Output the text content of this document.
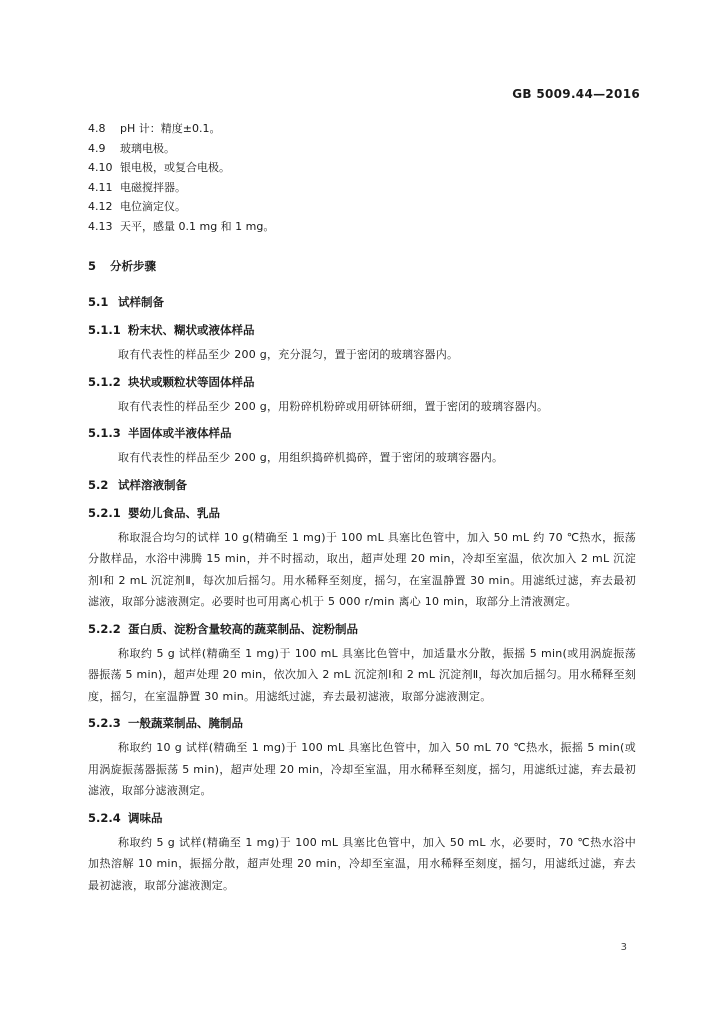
GB 5009.44—2016
4.8 pH 计：精度±0.1。
4.9 玻璃电极。
4.10 银电极，或复合电极。
4.11 电磁搅拌器。
4.12 电位滴定仪。
4.13 天平，感量 0.1 mg 和 1 mg。
5 分析步骤
5.1 试样制备
5.1.1 粉末状、糊状或液体样品
取有代表性的样品至少 200 g，充分混匀，置于密闭的玻璃容器内。
5.1.2 块状或颗粒状等固体样品
取有代表性的样品至少 200 g，用粉碎机粉碎或用研钵研细，置于密闭的玻璃容器内。
5.1.3 半固体或半液体样品
取有代表性的样品至少 200 g，用组织捣碎机捣碎，置于密闭的玻璃容器内。
5.2 试样溶液制备
5.2.1 婴幼儿食品、乳品
称取混合均匀的试样 10 g(精确至 1 mg)于 100 mL 具塞比色管中，加入 50 mL 约 70 ℃热水，振荡分散样品，水浴中沸腾 15 min，并不时摇动，取出，超声处理 20 min，冷却至室温，依次加入 2 mL 沉淀剂Ⅰ和 2 mL 沉淀剂Ⅱ，每次加后摇匀。用水稀释至刻度，摇匀，在室温静置 30 min。用滤纸过滤，弃去最初滤液，取部分滤液测定。必要时也可用离心机于 5 000 r/min 离心 10 min，取部分上清液测定。
5.2.2 蛋白质、淀粉含量较高的蔬菜制品、淀粉制品
称取约 5 g 试样(精确至 1 mg)于 100 mL 具塞比色管中，加适量水分散，振摇 5 min(或用涡旋振荡器振荡 5 min)，超声处理 20 min，依次加入 2 mL 沉淀剂Ⅰ和 2 mL 沉淀剂Ⅱ，每次加后摇匀。用水稀释至刻度，摇匀，在室温静置 30 min。用滤纸过滤，弃去最初滤液，取部分滤液测定。
5.2.3 一般蔬菜制品、腌制品
称取约 10 g 试样(精确至 1 mg)于 100 mL 具塞比色管中，加入 50 mL 70 ℃热水，振摇 5 min(或用涡旋振荡器振荡 5 min)，超声处理 20 min，冷却至室温，用水稀释至刻度，摇匀，用滤纸过滤，弃去最初滤液，取部分滤液测定。
5.2.4 调味品
称取约 5 g 试样(精确至 1 mg)于 100 mL 具塞比色管中，加入 50 mL 水，必要时，70 ℃热水浴中加热溶解 10 min，振摇分散，超声处理 20 min，冷却至室温，用水稀释至刻度，摇匀，用滤纸过滤，弃去最初滤液，取部分滤液测定。
3
